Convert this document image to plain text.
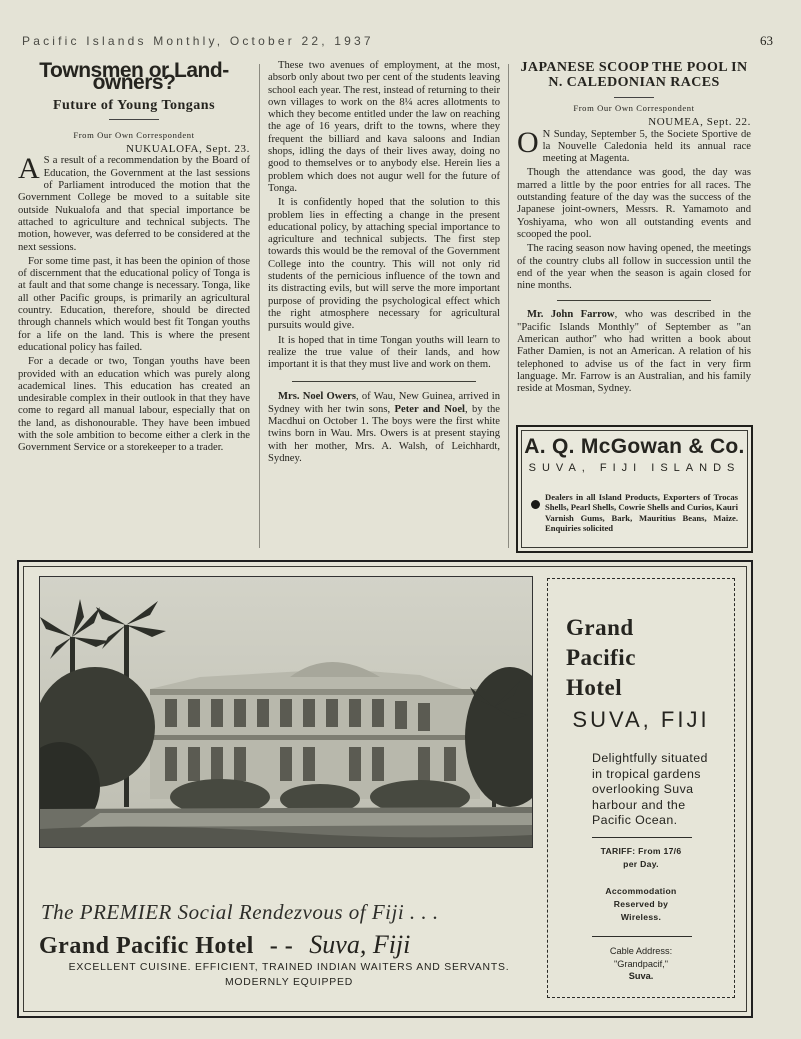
Pacific Islands Monthly, October 22, 1937	63
Townsmen or Land-owners?
Future of Young Tongans
From Our Own Correspondent
NUKUALOFA, Sept. 23.

A S a result of a recommendation by the Board of Education, the Government at the last sessions of Parliament introduced the motion that the Government College be moved to a suitable site outside Nukualofa and that special importance be attached to agriculture and technical subjects. The motion, however, was deferred to be considered at the next sessions.

For some time past, it has been the opinion of those of discernment that the educational policy of Tonga is at fault and that some change is necessary. Tonga, like all other Pacific groups, is primarily an agricultural country. Education, therefore, should be directed through channels which would best fit Tongan youths for a life on the land. This is where the present educational policy has failed.

For a decade or two, Tongan youths have been provided with an education which was purely along academical lines. This education has created an undesirable complex in their outlook in that they have come to regard all manual labour, especially that on the land, as dishonourable. They have been imbued with the sole ambition to become either a clerk in the Government Service or a storekeeper to a trader.

These two avenues of employment, at the most, absorb only about two per cent of the students leaving school each year. The rest, instead of returning to their own villages to work on the 8¼ acres allotments to which they become entitled under the law on reaching the age of 16 years, drift to the towns, where they frequent the billiard and kava saloons and Indian shops, idling the days of their lives away, doing no good to themselves or to anybody else. Herein lies a problem which does not augur well for the future of Tonga.

It is confidently hoped that the solution to this problem lies in effecting a change in the present educational policy, by attaching special importance to agriculture and technical subjects. The first step towards this would be the removal of the Government College into the country. This will not only rid students of the pernicious influence of the town and its distracting evils, but will serve the more important purpose of providing the psychological effect which the right atmosphere necessary for agricultural pursuits would give.

It is hoped that in time Tongan youths will learn to realize the true value of their lands, and how important it is that they must live and work on them.

Mrs. Noel Owers, of Wau, New Guinea, arrived in Sydney with her twin sons, Peter and Noel, by the Macdhui on October 1. The boys were the first white twins born in Wau. Mrs. Owers is at present staying with her mother, Mrs. A. Walsh, of Leichhardt, Sydney.

JAPANESE SCOOP THE POOL IN N. CALEDONIAN RACES
From Our Own Correspondent
NOUMEA, Sept. 22.

O N Sunday, September 5, the Societe Sportive de la Nouvelle Caledonia held its annual race meeting at Magenta.

Though the attendance was good, the day was marred a little by the poor entries for all races. The outstanding feature of the day was the success of the Japanese joint-owners, Messrs. R. Yamamoto and Yoshiyama, who won all outstanding events and scooped the pool.

The racing season now having opened, the meetings of the country clubs all follow in succession until the end of the year when the season is again closed for nine months.

Mr. John Farrow, who was described in the "Pacific Islands Monthly" of September as "an American author" who had written a book about Father Damien, is not an American. A relation of his telephoned to advise us of the fact in very firm language. Mr. Farrow is an Australian, and his family reside at Mosman, Sydney.

A. Q. McGowan & Co.
SUVA, FIJI ISLANDS
Dealers in all Island Products, Exporters of Trocas Shells, Pearl Shells, Cowrie Shells and Curios, Kauri Varnish Gums, Bark, Mauritius Beans, Maize. Enquiries solicited
The PREMIER Social Rendezvous of Fiji . . .
Grand Pacific Hotel - - Suva, Fiji
EXCELLENT CUISINE. EFFICIENT, TRAINED INDIAN WAITERS AND SERVANTS.
MODERNLY EQUIPPED
Grand
Pacific
Hotel
SUVA, FIJI
Delightfully situated in tropical gardens overlooking Suva harbour and the Pacific Ocean.
TARIFF: From 17/6
per Day.
Accommodation
Reserved by
Wireless.
Cable Address:
"Grandpacif,"
Suva.
